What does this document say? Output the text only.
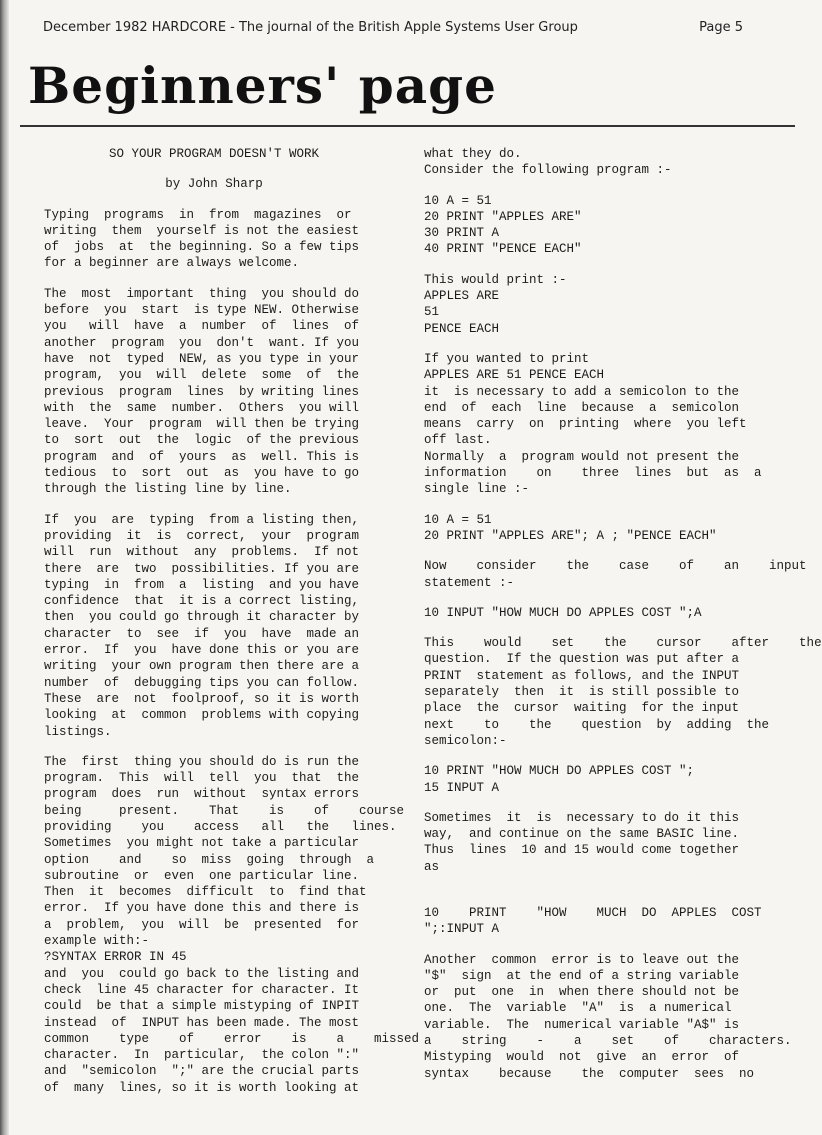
December 1982 HARDCORE - The journal of the British Apple Systems User Group	Page 5
Beginners' page
SO YOUR PROGRAM DOESN'T WORK
by John Sharp
Typing  programs  in  from  magazines  or
writing  them  yourself is not the easiest
of  jobs  at  the beginning. So a few tips
for a beginner are always welcome.
The  most  important  thing  you should do
before  you  start  is type NEW. Otherwise
you   will  have  a  number  of  lines  of
another  program  you  don't  want. If you
have  not  typed  NEW, as you type in your
program,  you  will  delete  some  of  the
previous  program  lines  by writing lines
with  the  same  number.  Others  you will
leave.  Your  program  will then be trying
to  sort  out  the  logic  of the previous
program  and  of  yours  as  well. This is
tedious  to  sort  out  as  you have to go
through the listing line by line.
If  you  are  typing  from a listing then,
providing  it  is  correct,  your  program
will  run  without  any  problems.  If not
there  are  two  possibilities. If you are
typing  in  from  a  listing  and you have
confidence  that  it is a correct listing,
then  you could go through it character by
character  to  see  if  you  have  made an
error.  If  you  have done this or you are
writing  your own program then there are a
number  of  debugging tips you can follow.
These  are  not  foolproof, so it is worth
looking  at  common  problems with copying
listings.
The  first  thing you should do is run the
program.  This  will  tell  you  that  the
program  does  run  without  syntax errors
being     present.    That    is    of    course
providing    you    access   all   the   lines.
Sometimes  you might not take a particular
option    and    so  miss  going  through  a
subroutine  or  even  one particular line.
Then  it  becomes  difficult  to  find that
error.  If you have done this and there is
a  problem,  you  will  be  presented  for
example with:-
?SYNTAX ERROR IN 45
and  you  could go back to the listing and
check  line 45 character for character. It
could  be that a simple mistyping of INPIT
instead  of  INPUT has been made. The most
common    type    of    error    is    a    missed
character.  In  particular,  the colon ":"
and  "semicolon  ";" are the crucial parts
of  many  lines, so it is worth looking at
what they do.
Consider the following program :-
10 A = 51
20 PRINT "APPLES ARE"
30 PRINT A
40 PRINT "PENCE EACH"
This would print :-
APPLES ARE
51
PENCE EACH
If you wanted to print
APPLES ARE 51 PENCE EACH
it  is necessary to add a semicolon to the
end  of  each  line  because  a  semicolon
means  carry  on  printing  where  you left
off last.
Normally  a  program would not present the
information    on    three  lines  but  as  a
single line :-
10 A = 51
20 PRINT "APPLES ARE"; A ; "PENCE EACH"
Now    consider    the    case    of    an    input
statement :-
10 INPUT "HOW MUCH DO APPLES COST ";A
This    would    set    the    cursor    after    the
question.  If the question was put after a
PRINT  statement as follows, and the INPUT
separately  then  it  is still possible to
place  the  cursor  waiting  for the input
next    to    the    question  by  adding  the
semicolon:-
10 PRINT "HOW MUCH DO APPLES COST ";
15 INPUT A
Sometimes  it  is  necessary to do it this
way,  and continue on the same BASIC line.
Thus  lines  10 and 15 would come together
as
10    PRINT    "HOW    MUCH  DO  APPLES  COST
";:INPUT A
Another  common  error is to leave out the
"$"  sign  at the end of a string variable
or  put  one  in  when there should not be
one.  The  variable  "A"  is  a numerical
variable.  The  numerical variable "A$" is
a    string    -    a    set    of    characters.
Mistyping  would  not  give  an  error  of
syntax    because    the  computer  sees  no
